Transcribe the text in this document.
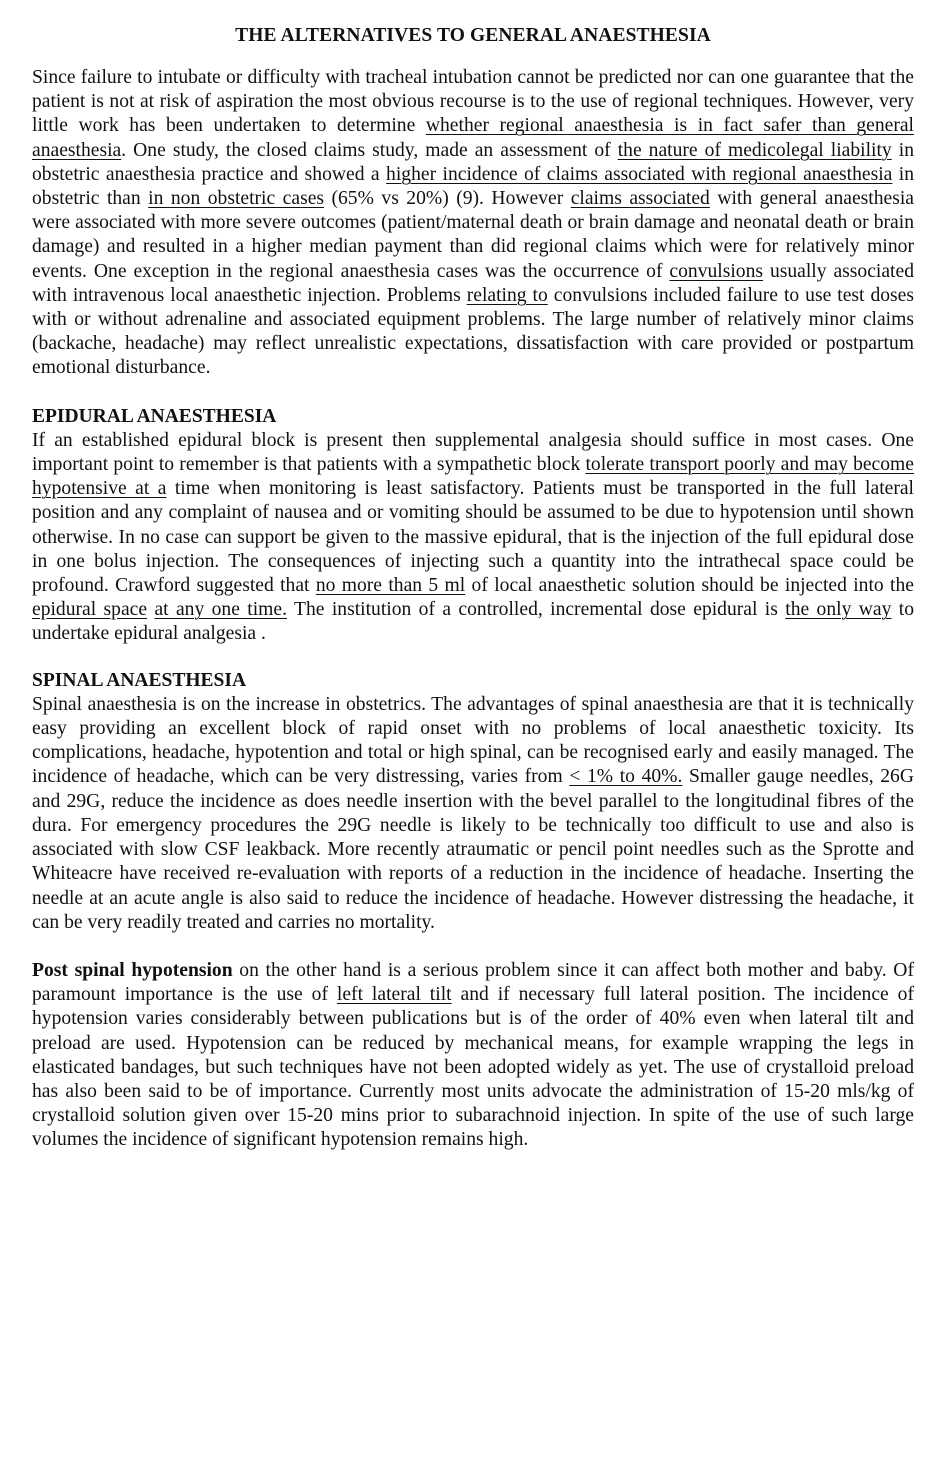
THE ALTERNATIVES TO GENERAL ANAESTHESIA

Since failure to intubate or difficulty with tracheal intubation cannot be predicted nor can one guarantee that the patient is not at risk of aspiration the most obvious recourse is to the use of regional techniques. However, very little work has been undertaken to determine whether regional anaesthesia is in fact safer than general anaesthesia. One study, the closed claims study, made an assessment of the nature of medicolegal liability in obstetric anaesthesia practice and showed a higher incidence of claims associated with regional anaesthesia in obstetric than in non obstetric cases (65% vs 20%) (9). However claims associated with general anaesthesia were associated with more severe outcomes (patient/maternal death or brain damage and neonatal death or brain damage) and resulted in a higher median payment than did regional claims which were for relatively minor events. One exception in the regional anaesthesia cases was the occurrence of convulsions usually associated with intravenous local anaesthetic injection. Problems relating to convulsions included failure to use test doses with or without adrenaline and associated equipment problems. The large number of relatively minor claims (backache, headache) may reflect unrealistic expectations, dissatisfaction with care provided or postpartum emotional disturbance.

EPIDURAL ANAESTHESIA

If an established epidural block is present then supplemental analgesia should suffice in most cases. One important point to remember is that patients with a sympathetic block tolerate transport poorly and may become hypotensive at a time when monitoring is least satisfactory. Patients must be transported in the full lateral position and any complaint of nausea and or vomiting should be assumed to be due to hypotension until shown otherwise. In no case can support be given to the massive epidural, that is the injection of the full epidural dose in one bolus injection. The consequences of injecting such a quantity into the intrathecal space could be profound. Crawford suggested that no more than 5 ml of local anaesthetic solution should be injected into the epidural space at any one time. The institution of a controlled, incremental dose epidural is the only way to undertake epidural analgesia .

SPINAL ANAESTHESIA

Spinal anaesthesia is on the increase in obstetrics. The advantages of spinal anaesthesia are that it is technically easy providing an excellent block of rapid onset with no problems of local anaesthetic toxicity. Its complications, headache, hypotention and total or high spinal, can be recognised early and easily managed. The incidence of headache, which can be very distressing, varies from < 1% to 40%. Smaller gauge needles, 26G and 29G, reduce the incidence as does needle insertion with the bevel parallel to the longitudinal fibres of the dura. For emergency procedures the 29G needle is likely to be technically too difficult to use and also is associated with slow CSF leakback. More recently atraumatic or pencil point needles such as the Sprotte and Whiteacre have received re-evaluation with reports of a reduction in the incidence of headache. Inserting the needle at an acute angle is also said to reduce the incidence of headache. However distressing the headache, it can be very readily treated and carries no mortality.

Post spinal hypotension on the other hand is a serious problem since it can affect both mother and baby. Of paramount importance is the use of left lateral tilt and if necessary full lateral position. The incidence of hypotension varies considerably between publications but is of the order of 40% even when lateral tilt and preload are used. Hypotension can be reduced by mechanical means, for example wrapping the legs in elasticated bandages, but such techniques have not been adopted widely as yet. The use of crystalloid preload has also been said to be of importance. Currently most units advocate the administration of 15-20 mls/kg of crystalloid solution given over 15-20 mins prior to subarachnoid injection. In spite of the use of such large volumes the incidence of significant hypotension remains high.
